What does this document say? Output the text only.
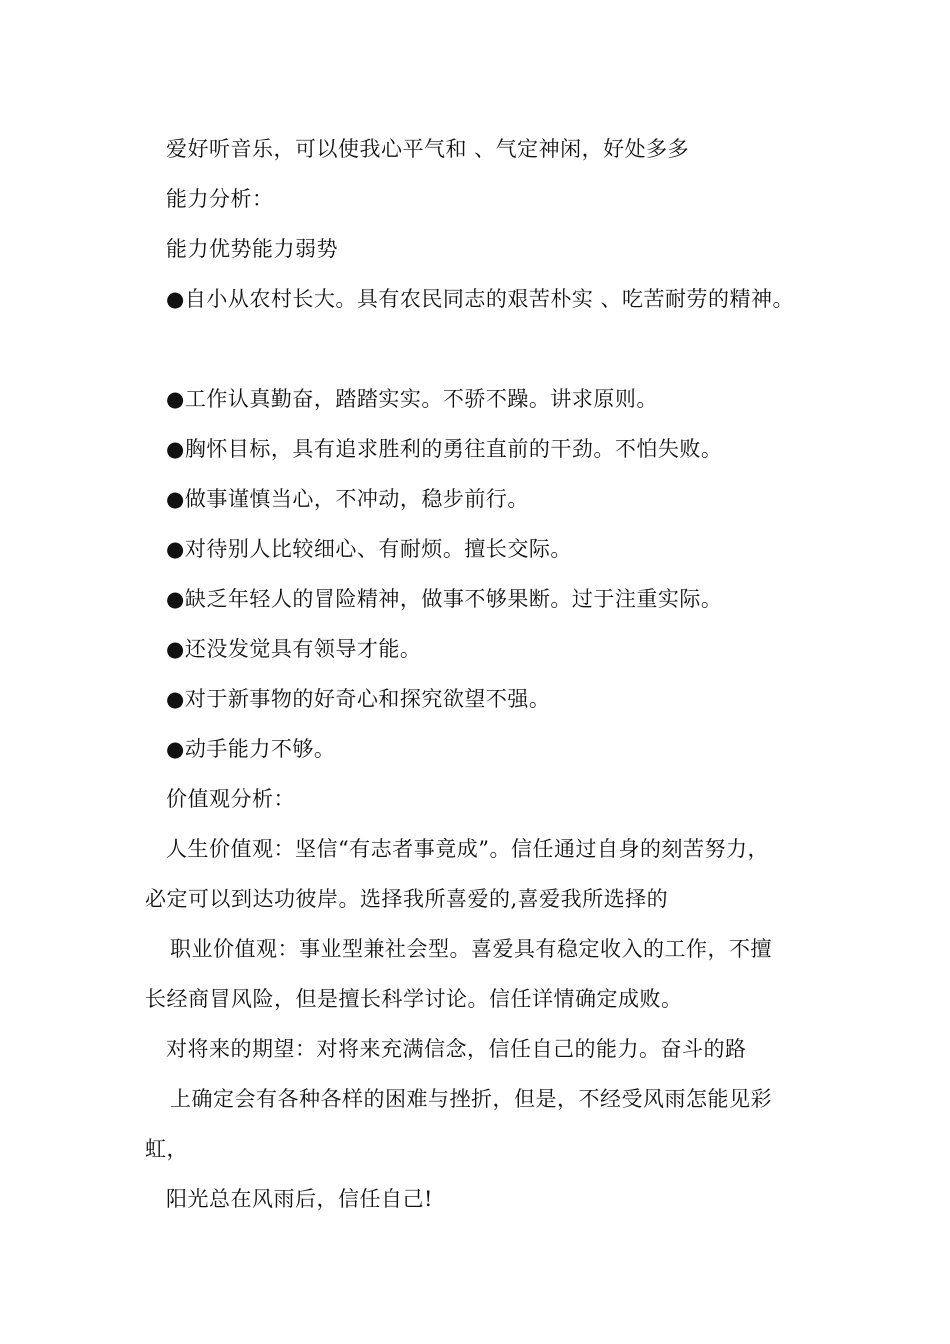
爱好听音乐，可以使我心平气和 、气定神闲，好处多多
能力分析：
能力优势能力弱势
●自小从农村长大。具有农民同志的艰苦朴实 、吃苦耐劳的精神。
●工作认真勤奋，踏踏实实。不骄不躁。讲求原则。
●胸怀目标，具有追求胜利的勇往直前的干劲。不怕失败。
●做事谨慎当心，不冲动，稳步前行。
●对待别人比较细心、有耐烦。擅长交际。
●缺乏年轻人的冒险精神，做事不够果断。过于注重实际。
●还没发觉具有领导才能。
●对于新事物的好奇心和探究欲望不强。
●动手能力不够。
价值观分析：
人生价值观：坚信“有志者事竟成”。信任通过自身的刻苦努力，
必定可以到达功彼岸。选择我所喜爱的,喜爱我所选择的
职业价值观：事业型兼社会型。喜爱具有稳定收入的工作，不擅
长经商冒风险，但是擅长科学讨论。信任详情确定成败。
对将来的期望：对将来充满信念，信任自己的能力。奋斗的路
上确定会有各种各样的困难与挫折，但是，不经受风雨怎能见彩
虹，
阳光总在风雨后，信任自己!
